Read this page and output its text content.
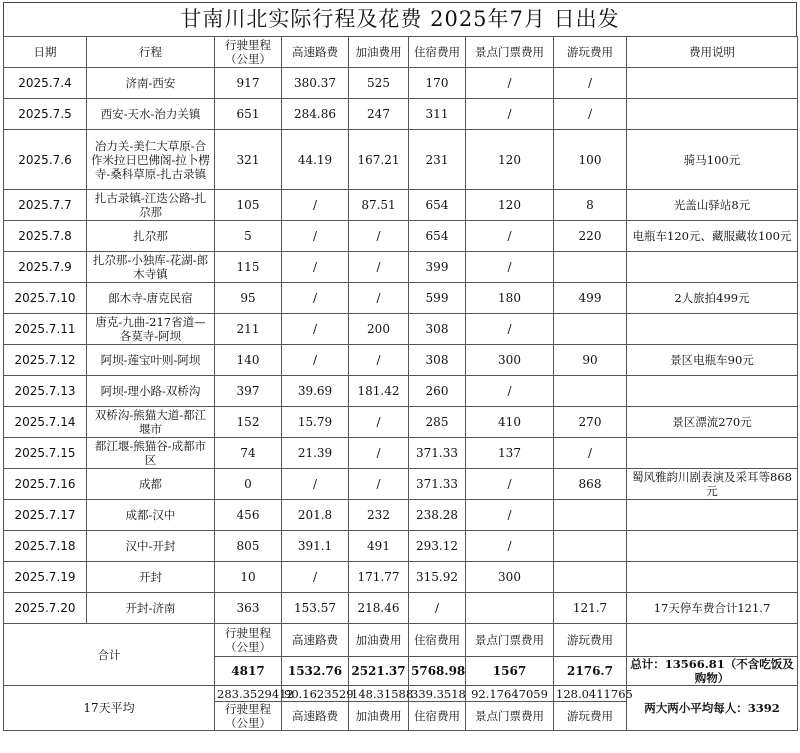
甘南川北实际行程及花费 2025年7月 日出发
日期	行程	行驶里程（公里）	高速路费	加油费用	住宿费用	景点门票费用	游玩费用	费用说明
2025.7.4	济南-西安	917	380.37	525	170	/	/	
2025.7.5	西安-天水-治力关镇	651	284.86	247	311	/	/	
2025.7.6	冶力关-美仁大草原-合作米拉日巴佛阁-拉卜楞寺-桑科草原-扎古录镇	321	44.19	167.21	231	120	100	骑马100元
2025.7.7	扎古录镇-江迭公路-扎尕那	105	/	87.51	654	120	8	光盖山驿站8元
2025.7.8	扎尕那	5	/	/	654	/	220	电瓶车120元、藏服藏妆100元
2025.7.9	扎尕那-小独库-花湖-郎木寺镇	115	/	/	399	/		
2025.7.10	郎木寺-唐克民宿	95	/	/	599	180	499	2人旅拍499元
2025.7.11	唐克-九曲-217省道—各莫寺-阿坝	211	/	200	308	/		
2025.7.12	阿坝-莲宝叶则-阿坝	140	/	/	308	300	90	景区电瓶车90元
2025.7.13	阿坝-理小路-双桥沟	397	39.69	181.42	260	/		
2025.7.14	双桥沟-熊猫大道-都江堰市	152	15.79	/	285	410	270	景区漂流270元
2025.7.15	都江堰-熊猫谷-成都市区	74	21.39	/	371.33	137	/	
2025.7.16	成都	0	/	/	371.33	/	868	蜀风雅韵川剧表演及采耳等868元
2025.7.17	成都-汉中	456	201.8	232	238.28	/		
2025.7.18	汉中-开封	805	391.1	491	293.12	/		
2025.7.19	开封	10	/	171.77	315.92	300		
2025.7.20	开封-济南	363	153.57	218.46	/		121.7	17天停车费合计121.7
合计		行驶里程（公里）	高速路费	加油费用	住宿费用	景点门票费用	游玩费用	
		4817	1532.76	2521.37	5768.98	1567	2176.7	总计：13566.81（不含吃饭及购物）
17天平均		283.3529412	90.1623529	148.31588	339.3518	92.17647059	128.0411765	两大两小平均每人：3392
		行驶里程（公里）	高速路费	加油费用	住宿费用	景点门票费用	游玩费用	
